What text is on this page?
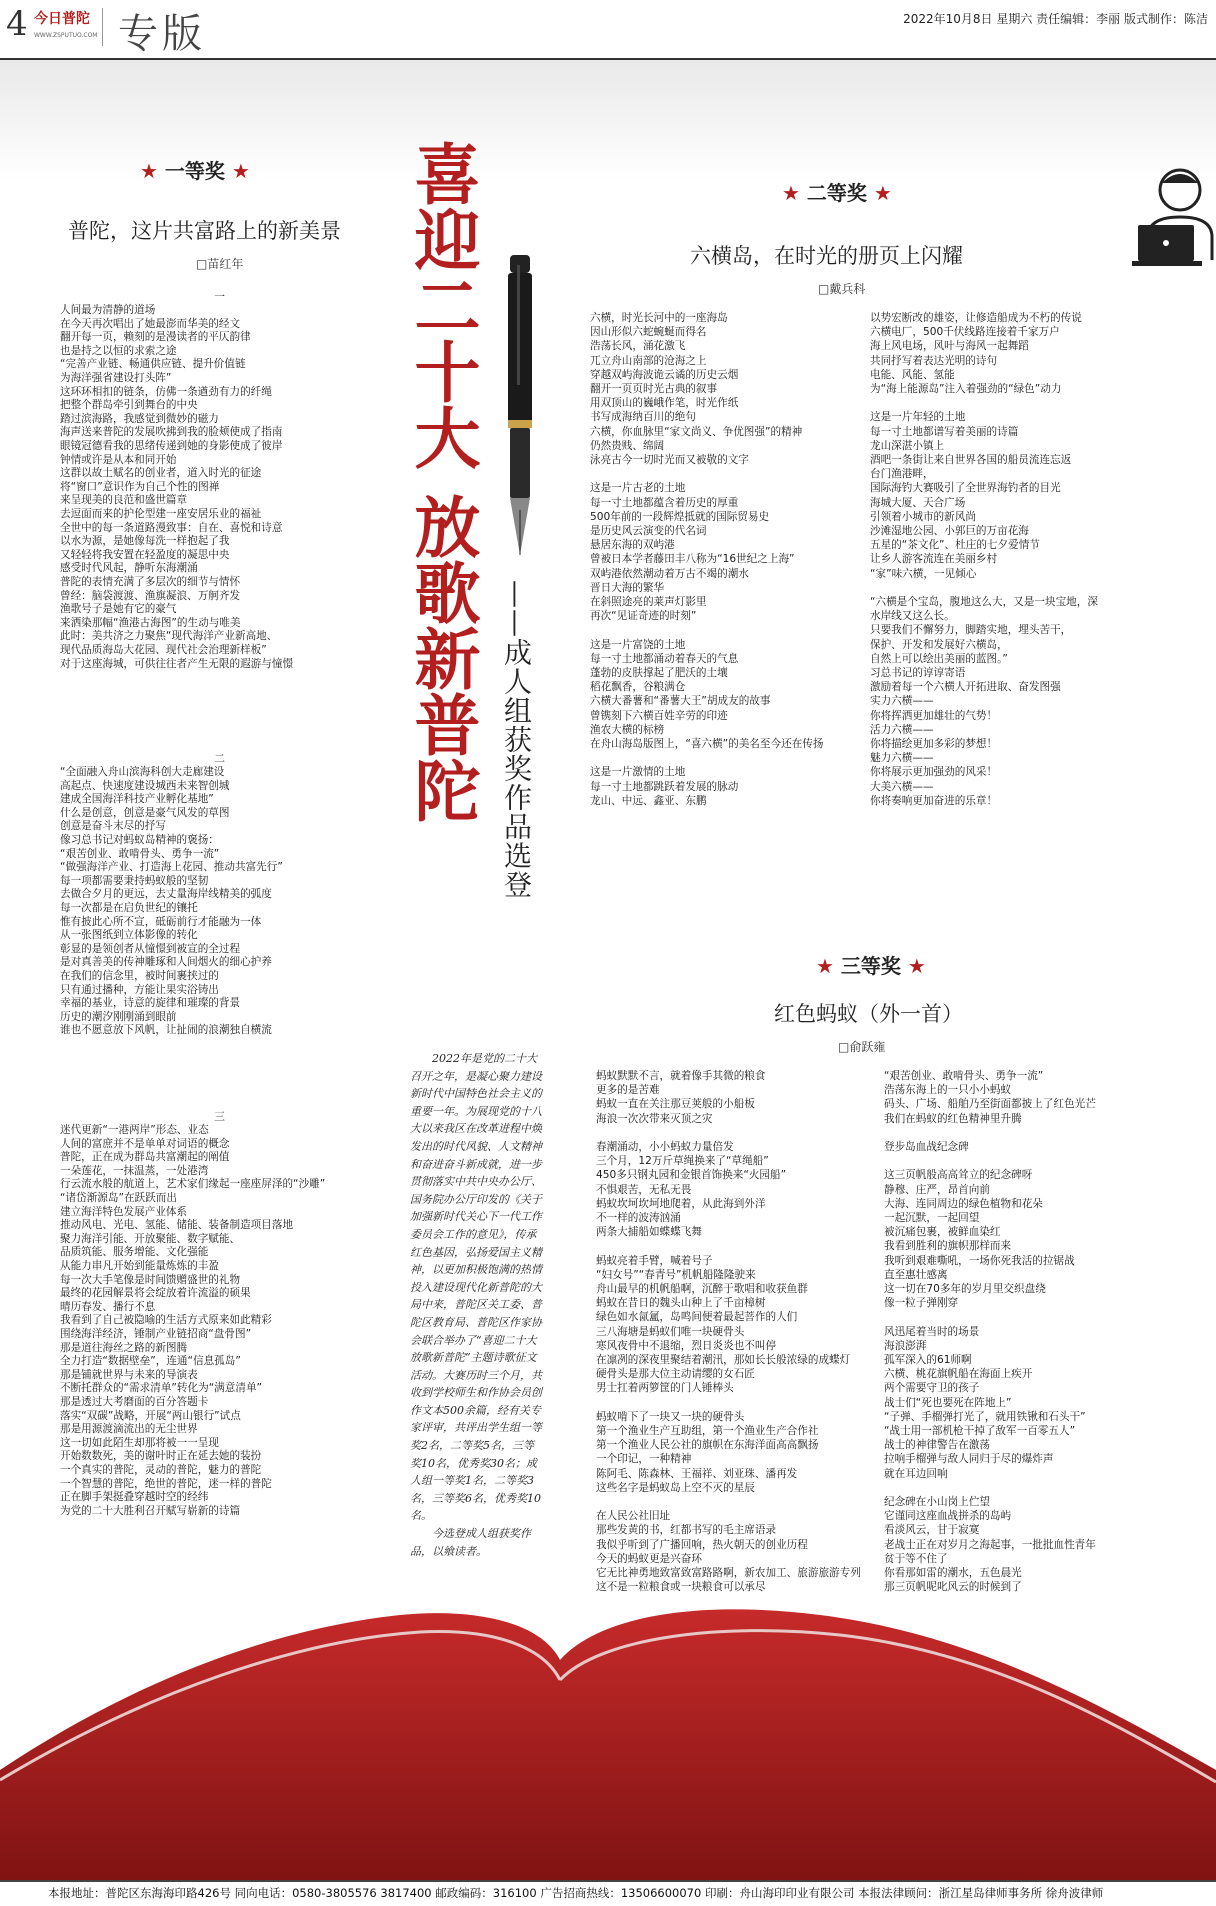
4 今日普陀
WWW.ZSPUTUO.COM 专版	2022年10月8日 星期六 责任编辑：李丽 版式制作：陈洁
喜迎二十大 放歌新普陀 ——成人组获奖作品选登

2022年是党的二十大召开之年，是凝心聚力建设新时代中国特色社会主义的重要一年。为展现党的十八大以来我区在改革进程中焕发出的时代风貌、人文精神和奋进奋斗新成就，进一步贯彻落实中共中央办公厅、国务院办公厅印发的《关于加强新时代关心下一代工作委员会工作的意见》，传承红色基因，弘扬爱国主义精神，以更加积极饱满的热情投入建设现代化新普陀的大局中来，普陀区关工委、普陀区教育局、普陀区作家协会联合举办了“喜迎二十大 放歌新普陀”主题诗歌征文活动。大赛历时三个月，共收到学校师生和作协会员创作文本500余篇，经有关专家评审，共评出学生组一等奖2名，二等奖5名，三等奖10名，优秀奖30名；成人组一等奖1名，二等奖3名，三等奖6名，优秀奖10名。

今选登成人组获奖作品，以飨读者。

★ 一等奖 ★
普陀，这片共富路上的新美景
□苗红年
一
人间最为清静的道场
在今天再次唱出了她最澎而华美的经文
翻开每一页，赖刻的是漫读者的平仄韵律
也是持之以恒的求索之途
“完善产业链、畅通供应链、提升价值链
为海洋强省建设打头阵”
这环环相扣的链条，仿佛一条遒劲有力的纤绳
把整个群岛牵引到舞台的中央
踏过滨海路，我感觉到微妙的磁力
海声送来普陀的发展吹拂到我的脸颊使成了指南
眼镜冠德看我的思绪传递到她的身影使成了彼岸
钟情或许是从本和同开始
这群以故土赋名的创业者，道入时光的征途
将“窗口”意识作为自己个性的图禅
来呈现美的良范和盛世篇章
去逗面而来的护伦型建一座安居乐业的福祉
全世中的每一条道路漫致事：自在、喜悦和诗意
以水为源，是她像每洗一样抱起了我
又轻轻将我安置在轻盈度的凝思中央
感受时代风起，静听东海潮涌
普陀的表情充满了多层次的细节与情怀
曾经：脑袋渡渡、渔旗凝浪、万舸齐发
渔歌号子是她有它的豪气
来洒染那幅“渔港古海图”的生动与唯美
此时：美共济之力聚焦“现代海洋产业新高地、
现代品质海岛大花园、现代社会治理新样板”
对于这座海城，可供往往者产生无限的遐游与憧憬
二
“全面融入舟山滨海科创大走廊建设
高起点、快速度建设城西未来智创城
建成全国海洋科技产业孵化基地”
什么是创意，创意是豪气风发的草图
创意是奋斗末尽的抒写
像习总书记对蚂蚁岛精神的褒扬：
“艰苦创业、敢啃骨头、勇争一流”
“做强海洋产业、打造海上花园、推动共富先行”
每一项都需要秉持蚂蚁般的坚韧
去做合夕月的更远，去丈量海岸线精美的弧度
每一次都是在启负世纪的镶托
惟有披此心所不宣，砥砺前行才能融为一体
从一张图纸到立体影像的转化
彰显的是领创者从憧憬到被宣的全过程
是对真善美的传神雕琢和人间烟火的细心护养
在我们的信念里，被时间裹挟过的
只有通过播种，方能让果实浴铸出
幸福的基业，诗意的旋律和璀璨的背景
历史的潮汐刚刚涌到眼前
谁也不愿意放下风帆，让扯闹的浪潮独自横流
三
迷代更新“一港两岸”形态、业态
人间的富庶并不是单单对词语的概念
普陀，正在成为群岛共富潮起的阐值
一朵莲花，一抹温蒸，一处港湾
行云流水般的航道上，艺术家们缘起一座座屏泽的“沙雕”
“诸岱渐源岛”在跃跃而出
建立海洋特色发展产业体系
推动风电、光电、氢能、储能、装备制造项目落地
聚力海洋引能、开放聚能、数字赋能、
品质筑能、服务增能、文化强能
从能力串凡开始到能量炼炼的丰盈
每一次大手笔像是时间馈赠盛世的礼物
最终的花园解景将会绽放着许流溢的硕果
晴历春发、播行不息
我看到了自己被隐喻的生活方式原来如此精彩
围绕海洋经济，锤制产业链招商“盘骨图”
那是道往海丝之路的新图腾
全力打造“数据壁垒”，连通“信息孤岛”
那是铺就世界与未来的导演表
不断托群众的“需求清单”转化为“满意清单”
那是透过大考磨面的百分答题卡
落实“双碳”战略，开展“两山银行”试点
那是用源渡滴流出的无尘世界
这一切如此陌生却那将被一一呈现
开始数数死，美的谢叶时正在延去她的装扮
一个真实的普陀，灵动的普陀，魅力的普陀
一个智慧的普陀，绝世的普陀，迷一样的普陀
正在脚手架挺叠穿越时空的经纬
为党的二十大胜利召开赋写崭新的诗篇
★ 二等奖 ★
六横岛，在时光的册页上闪耀
□戴兵科
六横，时光长河中的一座海岛
因山形似六蛇蜿蜒而得名
浩荡长风，涌花激飞
兀立舟山南部的沧海之上
穿越双屿海波诡云谲的历史云烟
翻开一页页时光古典的叙事
用双顶山的巍峨作笔，时光作纸
书写成海纳百川的绝句
六横，你血脉里“家文尚义、争优图强”的精神
仍然贵贱、绵阔
泳亮古今一切时光而又被敬的文字
这是一片古老的土地
每一寸土地都蕴含着历史的厚重
500年前的一段辉煌抵就的国际贸易史
是历史风云演变的代名词
悬居东海的双屿港
曾被日本学者藤田丰八称为“16世纪之上海”
双屿港依然潮动着万古不竭的潮水
晋日大海的繁华
在斜照途亮的莱声灯影里
再次“见证奇迹的时刻”
这是一片富饶的土地
每一寸土地都涌动着春天的气息
蓬勃的皮肤撑起了肥沃的土壤
稻花飘香，谷粮满仓
六横大番薯和“番薯大王”胡成友的故事
曾镌刻下六横百姓辛劳的印迹
渔农大横的标榜
在舟山海岛版图上，“喜六横”的美名至今还在传扬
这是一片激情的土地
每一寸土地都跳跃着发展的脉动
龙山、中远、鑫亚、东鹏
以势宏断改的雄姿，让修造船成为不朽的传说
六横电厂，500千伏线路连接着千家万户
海上风电场，风叶与海风一起舞蹈
共同抒写着表达光明的诗句
电能、风能、氢能
为“海上能源岛”注入着强劲的“绿色”动力
这是一片年轻的土地
每一寸土地都谱写着美丽的诗篇
龙山深湛小镇上
酒吧一条街让来自世界各国的船员流连忘返
台门渔港畔，
国际海钓大赛吸引了全世界海钓者的目光
海城大厦、天合广场
引领着小城市的新风尚
沙滩湿地公园、小郭巨的万亩花海
五星的“茶文化”、杜庄的七夕爱情节
让乡人游客流连在美丽乡村
“家”味六横，一见倾心
“六横是个宝岛，腹地这么大，又是一块宝地，深
水岸线又这么长。
只要我们不懈努力，脚踏实地，埋头苦干，
保护、开发和发展好六横岛，
自然上可以绘出美丽的蓝图。”
习总书记的谆谆寄语
激励着每一个六横人开拓进取、奋发图强
实力六横——
你将挥洒更加雄壮的气势！
活力六横——
你将描绘更加多彩的梦想！
魅力六横——
你将展示更加强劲的风采！
大美六横——
你将奏响更加奋进的乐章！
★ 三等奖 ★
红色蚂蚁（外一首）
□俞跃雍
蚂蚁默默不言，就着像手其微的粮食
更多的是苦难
蚂蚁一直在关注那豆荚般的小船板
海浪一次次带来灭顶之灾
春潮涌动，小小蚂蚁力量倍发
三个月，12万斤草绳换来了“草绳船”
450多只钢丸园和金银首饰换来“火园船”
不惧艰苦，无私无畏
蚂蚁坎坷坎坷地爬着，从此海到外洋
不一样的波涛汹涌
两条大捕船如蝶蝶飞舞
蚂蚁亮着手臂，喊着号子
“妇女号”“春青号”机帆船隆隆驶来
舟山最早的机帆船啊，沉醉于歌唱和收获鱼群
蚂蚁在昔日的魏头山种上了千亩樟树
绿色如水氤氲，岛鸣间便着最起菩作的人们
三八海塘是蚂蚁们唯一块硬骨头
寒风夜骨中不退缩，烈日炎炎也不叫停
在凛冽的深夜里聚结着潮汛，那如长长般浓绿的成蝶灯
硬骨头是那大位主动请缨的女石匠
男士扛着两箩筐的门人锤棒头
蚂蚁啃下了一块又一块的硬骨头
第一个渔业生产互助组，第一个渔业生产合作社
第一个渔业人民公社的旗帜在东海洋面高高飘扬
一个印记，一种精神
陈阿毛、陈森林、王福祥、刘亚珠、潘再发
这些名字是蚂蚁岛上空不灭的星辰
在人民公社旧址
那些发黄的书，红都书写的毛主席语录
我似乎听到了广播回响，热火朝天的创业历程
今天的蚂蚁更是兴奋环
它无比神勇地致富致富路路啊，新农加工、旅游旅游专列
这不是一粒粮食或一块粮食可以承尽
“艰苦创业、敢啃骨头、勇争一流”
浩荡东海上的一只小小蚂蚁
码头、广场、船舶乃至街面都披上了红色光芒
我们在蚂蚁的红色精神里升腾
登步岛血战纪念碑
这三页帆般高高耸立的纪念碑呀
静穆、庄严，昂首向前
大海、连同周边的绿色植物和花朵
一起沉默，一起回望
被沉痛包裹，被鲜血染红
我看到胜利的旗帜那样而来
我听到艰难嘶吼，一场你死我活的拉锯战
直至惠壮感离
这一切在70多年的岁月里交织盘绕
像一粒子弹刚穿
风迅尾着当时的场景
海浪澎湃
孤军深入的61师啊
六横、桃花旗帆船在海面上疾开
两个需要守卫的孩子
战士们“死也要死在阵地上”
“子弹、手榴弹打光了，就用铁锹和石头干”
“战士用一部机枪干掉了敌军一百零五人”
战士的神律警告在激荡
拉响手榴弹与敌人同归于尽的爆炸声
就在耳边回响
纪念碑在小山岗上伫望
它谨同这座血战拼杀的岛屿
看淡风云，甘于寂寞
老战士正在对岁月之海起事，一批批血性青年
贫于等不住了
你看那如雷的潮水，五色晨光
那三页帆呢叱风云的时候到了
本报地址：普陀区东海海印路426号 同向电话：0580-3805576 3817400 邮政编码：316100 广告招商热线：13506600070 印刷：舟山海印印业有限公司 本报法律顾问：浙江星岛律师事务所 徐舟波律师
